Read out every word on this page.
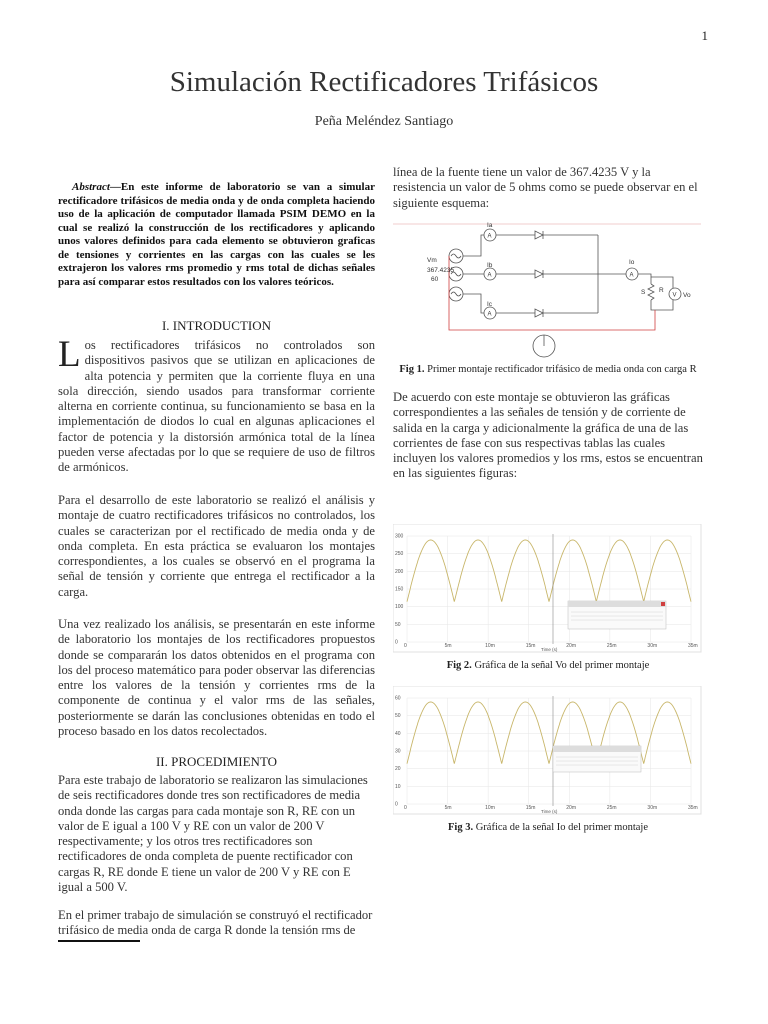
1
Simulación Rectificadores Trifásicos
Peña Meléndez Santiago
Abstract—En este informe de laboratorio se van a simular rectificadore trifásicos de media onda y de onda completa haciendo uso de la aplicación de computador llamada PSIM DEMO en la cual se realizó la construcción de los rectificadores y aplicando unos valores definidos para cada elemento se obtuvieron graficas de tensiones y corrientes en las cargas con las cuales se les extrajeron los valores rms promedio y rms total de dichas señales para así comparar estos resultados con los valores teóricos.
I. INTRODUCTION
Los rectificadores trifásicos no controlados son dispositivos pasivos que se utilizan en aplicaciones de alta potencia y permiten que la corriente fluya en una sola dirección, siendo usados para transformar corriente alterna en corriente continua, su funcionamiento se basa en la implementación de diodos lo cual en algunas aplicaciones el factor de potencia y la distorsión armónica total de la línea pueden verse afectadas por lo que se requiere de uso de filtros de armónicos.
Para el desarrollo de este laboratorio se realizó el análisis y montaje de cuatro rectificadores trifásicos no controlados, los cuales se caracterizan por el rectificado de media onda y de onda completa. En esta práctica se evaluaron los montajes correspondientes, a los cuales se observó en el programa la señal de tensión y corriente que entrega el rectificador a la carga.
Una vez realizado los análisis, se presentarán en este informe de laboratorio los montajes de los rectificadores propuestos donde se compararán los datos obtenidos en el programa con los del proceso matemático para poder observar las diferencias entre los valores de la tensión y corrientes rms de la componente de continua y el valor rms de las señales, posteriormente se darán las conclusiones obtenidas en todo el proceso basado en los datos recolectados.
II. PROCEDIMIENTO
Para este trabajo de laboratorio se realizaron las simulaciones de seis rectificadores donde tres son rectificadores de media onda donde las cargas para cada montaje son R, RE con un valor de E igual a 100 V y RE con un valor de 200 V respectivamente; y los otros tres rectificadores son rectificadores de onda completa de puente rectificador con cargas R, RE donde E tiene un valor de 200 V y RE con E igual a 500 V.
En el primer trabajo de simulación se construyó el rectificador trifásico de media onda de carga R donde la tensión rms de
línea de la fuente tiene un valor de 367.4235 V y la resistencia un valor de 5 ohms como se puede observar en el siguiente esquema:
Vm
367.4235
60
Ia
Ib
Ic
Io
S R
Vo
A
A
A
A
V
Fig 1. Primer montaje rectificador trifásico de media onda con carga R
De acuerdo con este montaje se obtuvieron las gráficas correspondientes a las señales de tensión y de corriente de salida en la carga y adicionalmente la gráfica de una de las corrientes de fase con sus respectivas tablas las cuales incluyen los valores promedios y los rms, estos se encuentran en las siguientes figuras:
300
250
200
150
100
50
0
0	5m	10m	15m	20m	25m	30m	35m
Time (s)
Fig 2. Gráfica de la señal Vo del primer montaje
60
50
40
30
20
10
0
0	5m	10m	15m	20m	25m	30m	35m
Time (s)
Fig 3. Gráfica de la señal Io del primer montaje
